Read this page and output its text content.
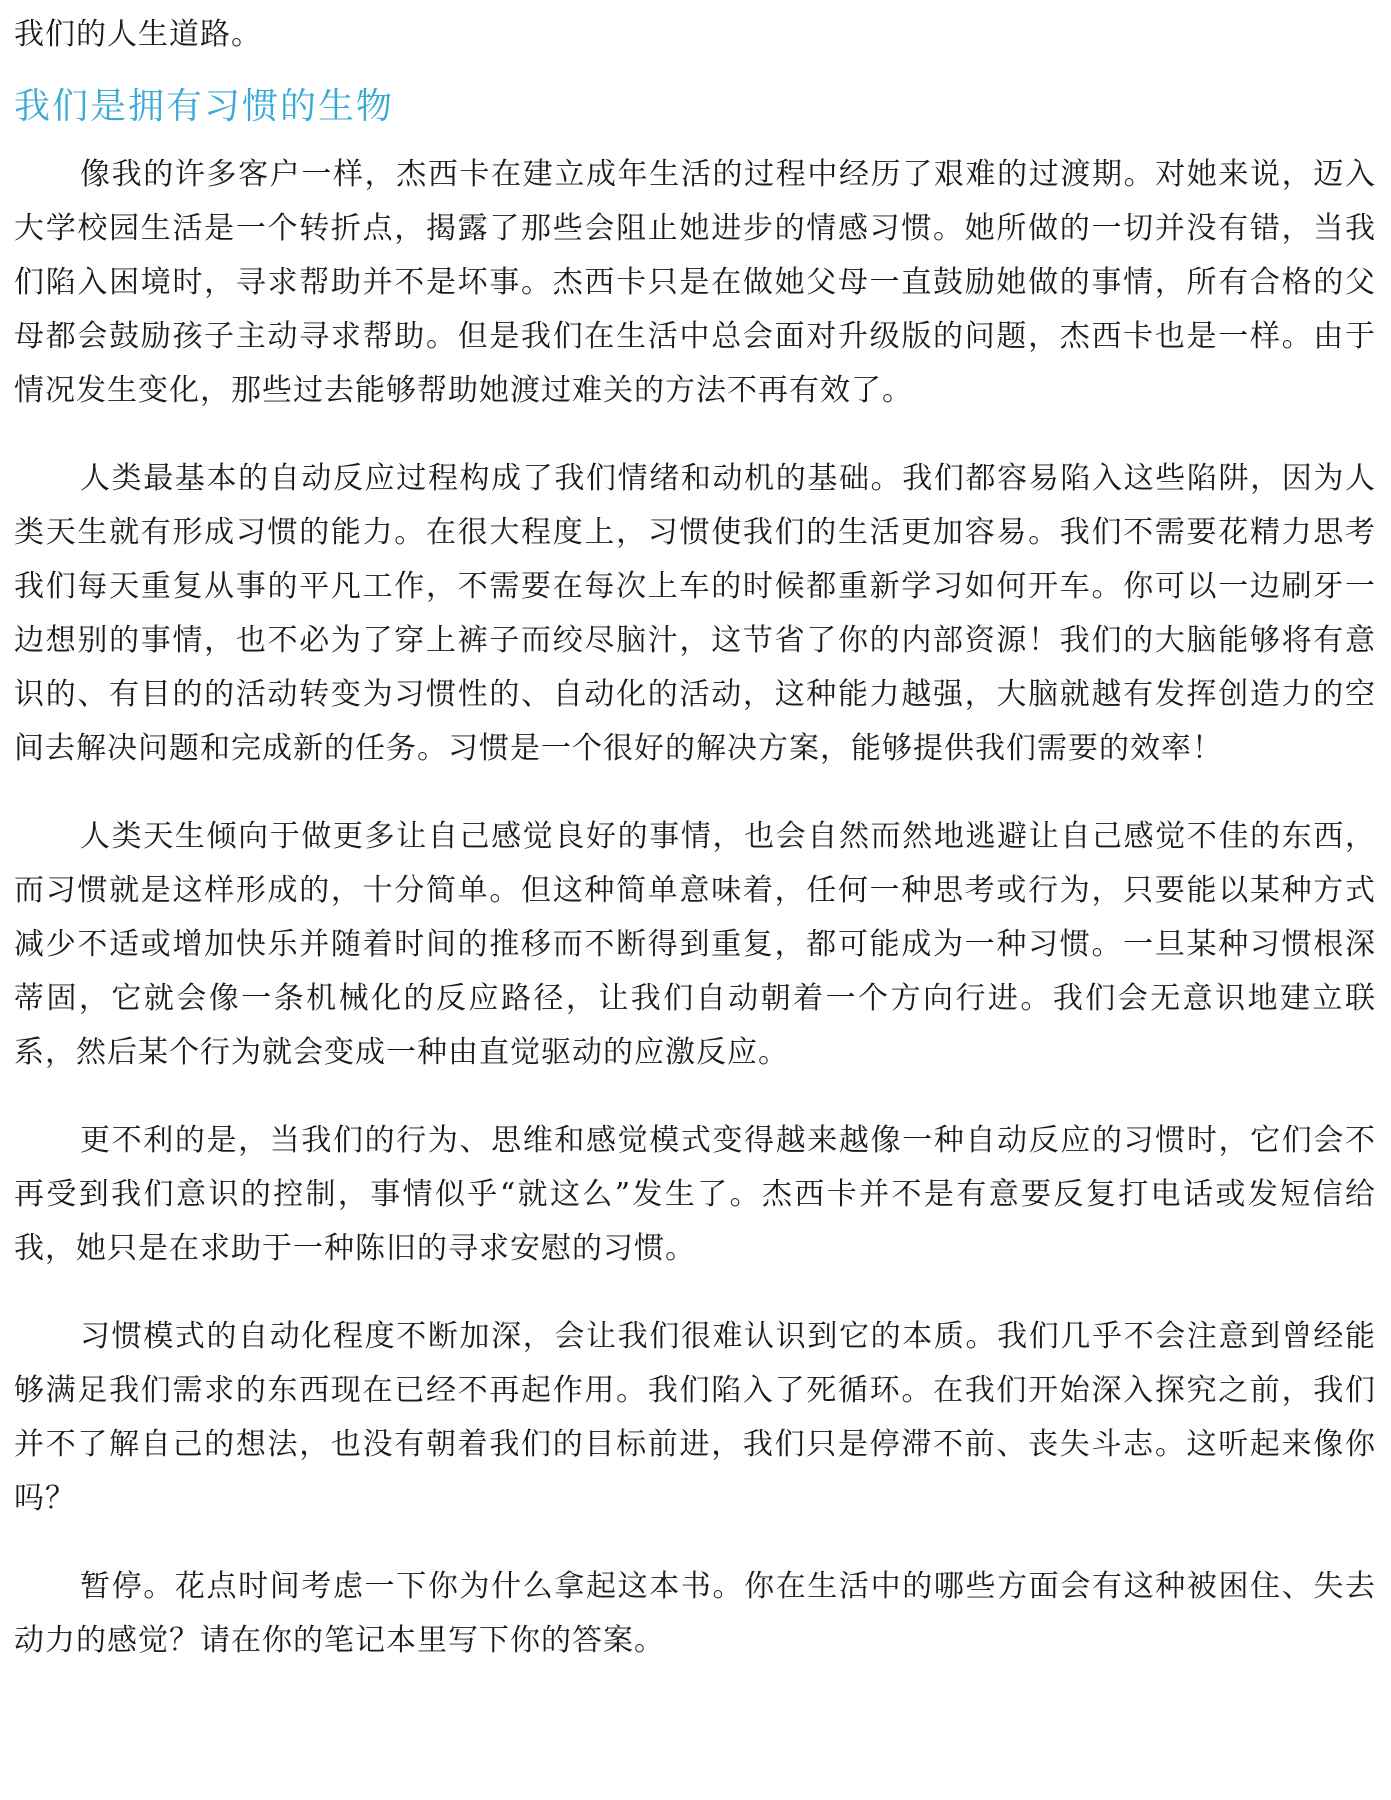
我们的人生道路。

我们是拥有习惯的生物

像我的许多客户一样，杰西卡在建立成年生活的过程中经历了艰难的过渡期。对她来说，迈入大学校园生活是一个转折点，揭露了那些会阻止她进步的情感习惯。她所做的一切并没有错，当我们陷入困境时，寻求帮助并不是坏事。杰西卡只是在做她父母一直鼓励她做的事情，所有合格的父母都会鼓励孩子主动寻求帮助。但是我们在生活中总会面对升级版的问题，杰西卡也是一样。由于情况发生变化，那些过去能够帮助她渡过难关的方法不再有效了。

人类最基本的自动反应过程构成了我们情绪和动机的基础。我们都容易陷入这些陷阱，因为人类天生就有形成习惯的能力。在很大程度上，习惯使我们的生活更加容易。我们不需要花精力思考我们每天重复从事的平凡工作，不需要在每次上车的时候都重新学习如何开车。你可以一边刷牙一边想别的事情，也不必为了穿上裤子而绞尽脑汁，这节省了你的内部资源！我们的大脑能够将有意识的、有目的的活动转变为习惯性的、自动化的活动，这种能力越强，大脑就越有发挥创造力的空间去解决问题和完成新的任务。习惯是一个很好的解决方案，能够提供我们需要的效率！

人类天生倾向于做更多让自己感觉良好的事情，也会自然而然地逃避让自己感觉不佳的东西，而习惯就是这样形成的，十分简单。但这种简单意味着，任何一种思考或行为，只要能以某种方式减少不适或增加快乐并随着时间的推移而不断得到重复，都可能成为一种习惯。一旦某种习惯根深蒂固，它就会像一条机械化的反应路径，让我们自动朝着一个方向行进。我们会无意识地建立联系，然后某个行为就会变成一种由直觉驱动的应激反应。

更不利的是，当我们的行为、思维和感觉模式变得越来越像一种自动反应的习惯时，它们会不再受到我们意识的控制，事情似乎“就这么”发生了。杰西卡并不是有意要反复打电话或发短信给我，她只是在求助于一种陈旧的寻求安慰的习惯。

习惯模式的自动化程度不断加深，会让我们很难认识到它的本质。我们几乎不会注意到曾经能够满足我们需求的东西现在已经不再起作用。我们陷入了死循环。在我们开始深入探究之前，我们并不了解自己的想法，也没有朝着我们的目标前进，我们只是停滞不前、丧失斗志。这听起来像你吗？

暂停。花点时间考虑一下你为什么拿起这本书。你在生活中的哪些方面会有这种被困住、失去动力的感觉？请在你的笔记本里写下你的答案。
